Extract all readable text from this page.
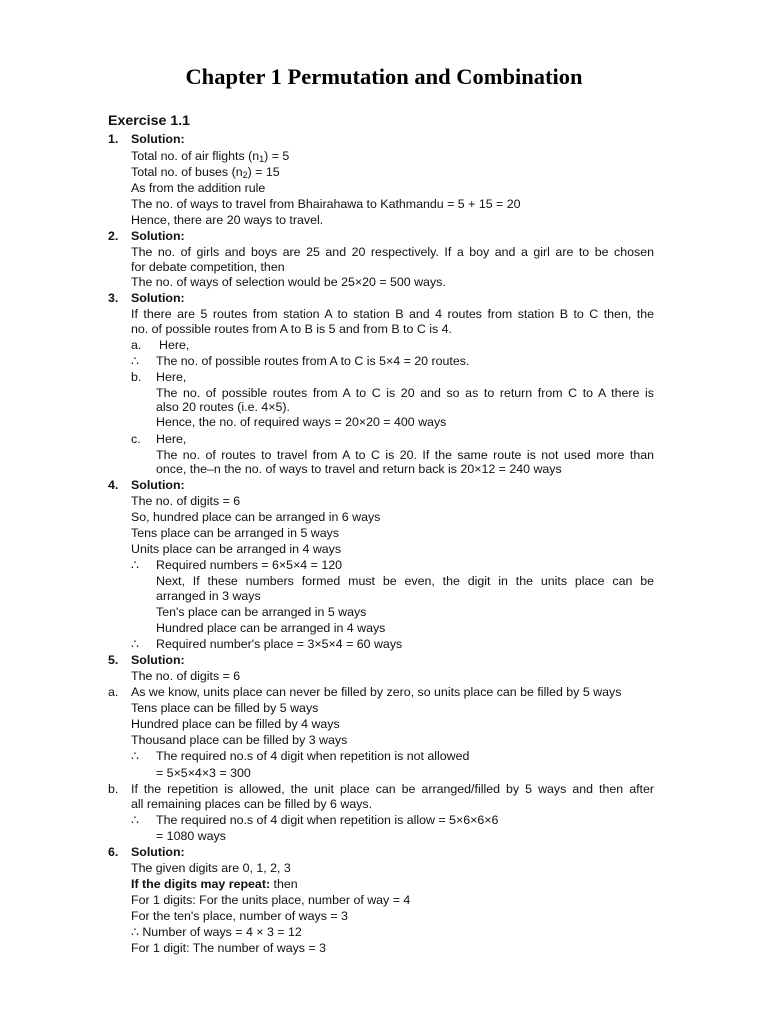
Chapter 1 Permutation and Combination
Exercise 1.1
1. Solution:
Total no. of air flights $(n_1) = 5$
Total no. of buses $(n_2) = 15$
As from the addition rule
The no. of ways to travel from Bhairahawa to Kathmandu = 5 + 15 = 20
Hence, there are 20 ways to travel.
2. Solution:
The no. of girls and boys are 25 and 20 respectively. If a boy and a girl are to be chosen
for debate competition, then
The no. of ways of selection would be 25×20 = 500 ways.
3. Solution:
If there are 5 routes from station A to station B and 4 routes from station B to C then, the
no. of possible routes from A to B is 5 and from B to C is 4.
a. Here,
∴ The no. of possible routes from A to C is 5×4 = 20 routes.
b. Here,
The no. of possible routes from A to C is 20 and so as to return from C to A there is
also 20 routes (i.e. 4×5).
Hence, the no. of required ways = 20×20 = 400 ways
c. Here,
The no. of routes to travel from A to C is 20. If the same route is not used more than
once, the–n the no. of ways to travel and return back is 20×12 = 240 ways
4. Solution:
The no. of digits = 6
So, hundred place can be arranged in 6 ways
Tens place can be arranged in 5 ways
Units place can be arranged in 4 ways
∴ Required numbers = 6×5×4 = 120
Next, If these numbers formed must be even, the digit in the units place can be
arranged in 3 ways
Ten's place can be arranged in 5 ways
Hundred place can be arranged in 4 ways
∴ Required number's place = 3×5×4 = 60 ways
5. Solution:
The no. of digits = 6
a. As we know, units place can never be filled by zero, so units place can be filled by 5 ways
Tens place can be filled by 5 ways
Hundred place can be filled by 4 ways
Thousand place can be filled by 3 ways
∴ The required no.s of 4 digit when repetition is not allowed
= 5×5×4×3 = 300
b. If the repetition is allowed, the unit place can be arranged/filled by 5 ways and then after
all remaining places can be filled by 6 ways.
∴ The required no.s of 4 digit when repetition is allow = 5×6×6×6
= 1080 ways
6. Solution:
The given digits are 0, 1, 2, 3
If the digits may repeat: then
For 1 digits: For the units place, number of way = 4
For the ten's place, number of ways = 3
∴ Number of ways = 4 × 3 = 12
For 1 digit: The number of ways = 3
